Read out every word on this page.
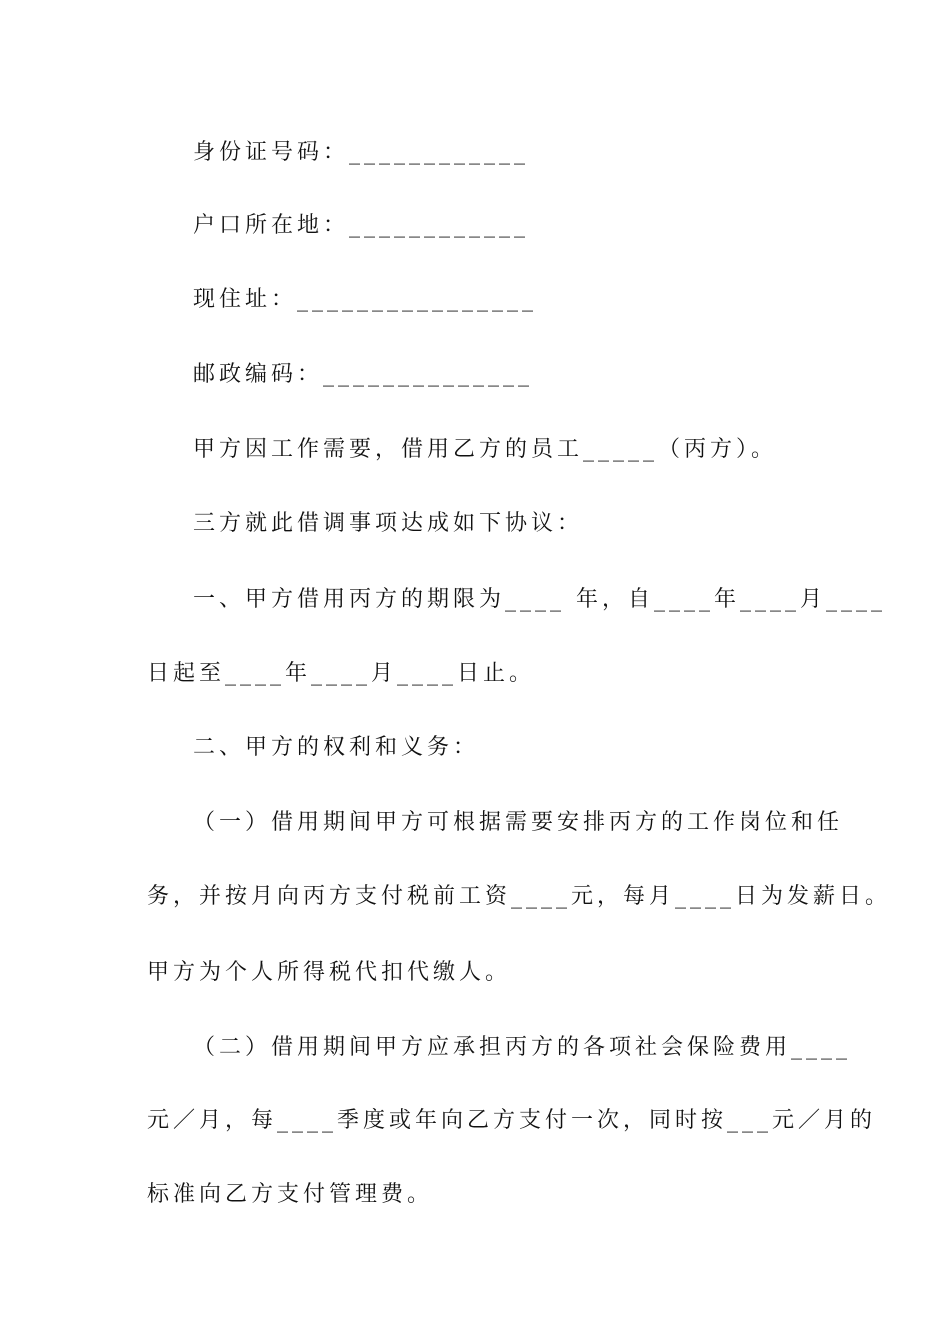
身份证号码：____________

户口所在地：____________

现住址：________________

邮政编码：______________

甲方因工作需要，借用乙方的员工_____（丙方）。

三方就此借调事项达成如下协议：

一、甲方借用丙方的期限为____ 年，自____年____月____

日起至____年____月____日止。

二、甲方的权利和义务：

（一）借用期间甲方可根据需要安排丙方的工作岗位和任

务，并按月向丙方支付税前工资____元，每月____日为发薪日。

甲方为个人所得税代扣代缴人。

（二）借用期间甲方应承担丙方的各项社会保险费用____

元／月，每____季度或年向乙方支付一次，同时按___元／月的

标准向乙方支付管理费。
